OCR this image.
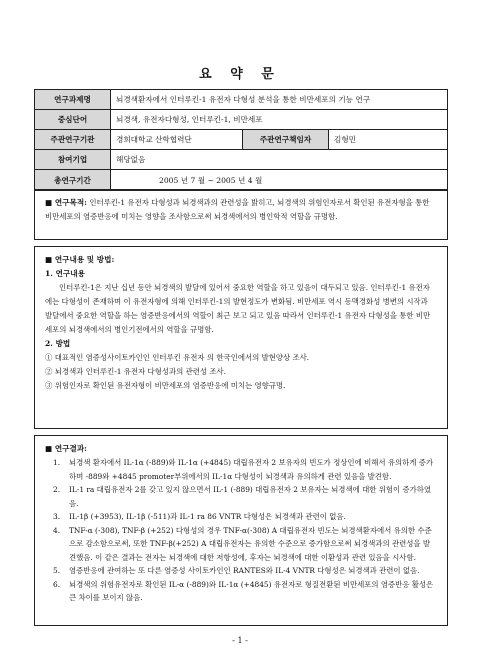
요 약 문
연구과제명	뇌경색환자에서 인터루킨-1 유전자 다형성 분석을 통한 비만세포의 기능 연구		
중심단어	뇌경색, 유전자다형성, 인터루킨-1, 비만세포		
주관연구기관	경희대학교 산학협력단	주관연구책임자	김형민
참여기업	해당없음		
총연구기간	2005 년 7 월 ~ 2005 년 4 월		
■ 연구목적: 인터루킨-1 유전자 다형성과 뇌경색과의 관련성을 밝히고, 뇌경색의 위험인자로서 확인된 유전자형을 통한 비만세포의 염증반응에 미치는 영향을 조사함으로써 뇌경색에서의 병인학적 역할을 규명함.
■ 연구내용 및 방법:
1. 연구내용
인터루킨-1은 지난 십년 동안 뇌경색의 발달에 있어서 중요한 역할을 하고 있음이 대두되고 있음. 인터루킨-1 유전자에는 다형성이 존재하며 이 유전자형에 의해 인터루킨-1의 발현정도가 변화됨. 비만세포 역시 동맥경화성 병변의 시작과 발달에서 중요한 역할을 하는 염증반응에서의 역할이 최근 보고 되고 있음 따라서 인터루킨-1 유전자 다형성을 통한 비만세포의 뇌경색에서의 병인기전에서의 역할을 규명함.
2. 방법
① 대표적인 염증성사이토카인인 인터루킨 유전자 의 한국인에서의 발현양상 조사.
② 뇌경색과 인터루킨-1 유전자 다형성과의 관련성 조사.
③ 위험인자로 확인된 유전자형이 비만세포의 염증반응에 미치는 영향규명.
■ 연구결과:
1.	뇌경색 환자에서 IL-1α (-889)와 IL-1α (+4845) 대립유전자 2 보유자의 빈도가 정상인에 비해서 유의하게 증가하며 -889와 +4845 promoter부위에서의 IL-1α 다형성이 뇌경색과 유의하게 관련 있음을 발견함.
2.	IL-1 ra 대립유전자 2를 갖고 있지 않으면서 IL-1 (-889) 대립유전자 2 보유자는 뇌경색에 대한 위험이 증가하였음.
3.	IL-1β (+3953), IL-1β (-511)과 IL-1 ra 86 VNTR 다형성은 뇌경색과 관련이 없음.
4.	TNF-α (-308), TNF-β (+252) 다형성의 경우 TNF-α(-308) A 대립유전자 빈도는 뇌경색환자에서 유의한 수준으로 감소함으로써, 또한 TNF-β(+252) A 대립유전자는 유의한 수준으로 증가함으로써 뇌경색과의 관련성을 발견했음. 이 같은 결과는 전자는 뇌경색에 대한 저항성에, 후자는 뇌경색에 대한 이환성과 관련 있음을 시사함.
5.	염증반응에 관여하는 또 다른 염증성 사이토카인인 RANTES와 IL-4 VNTR 다형성은 뇌경색과 관련이 없음.
6.	뇌경색의 위험유전자로 확인된 IL-α (-889)와 IL-1α (+4845) 유전자로 형질전환된 비만세포의 염증반응 활성은 큰 차이를 보이지 않음.
- 1 -
